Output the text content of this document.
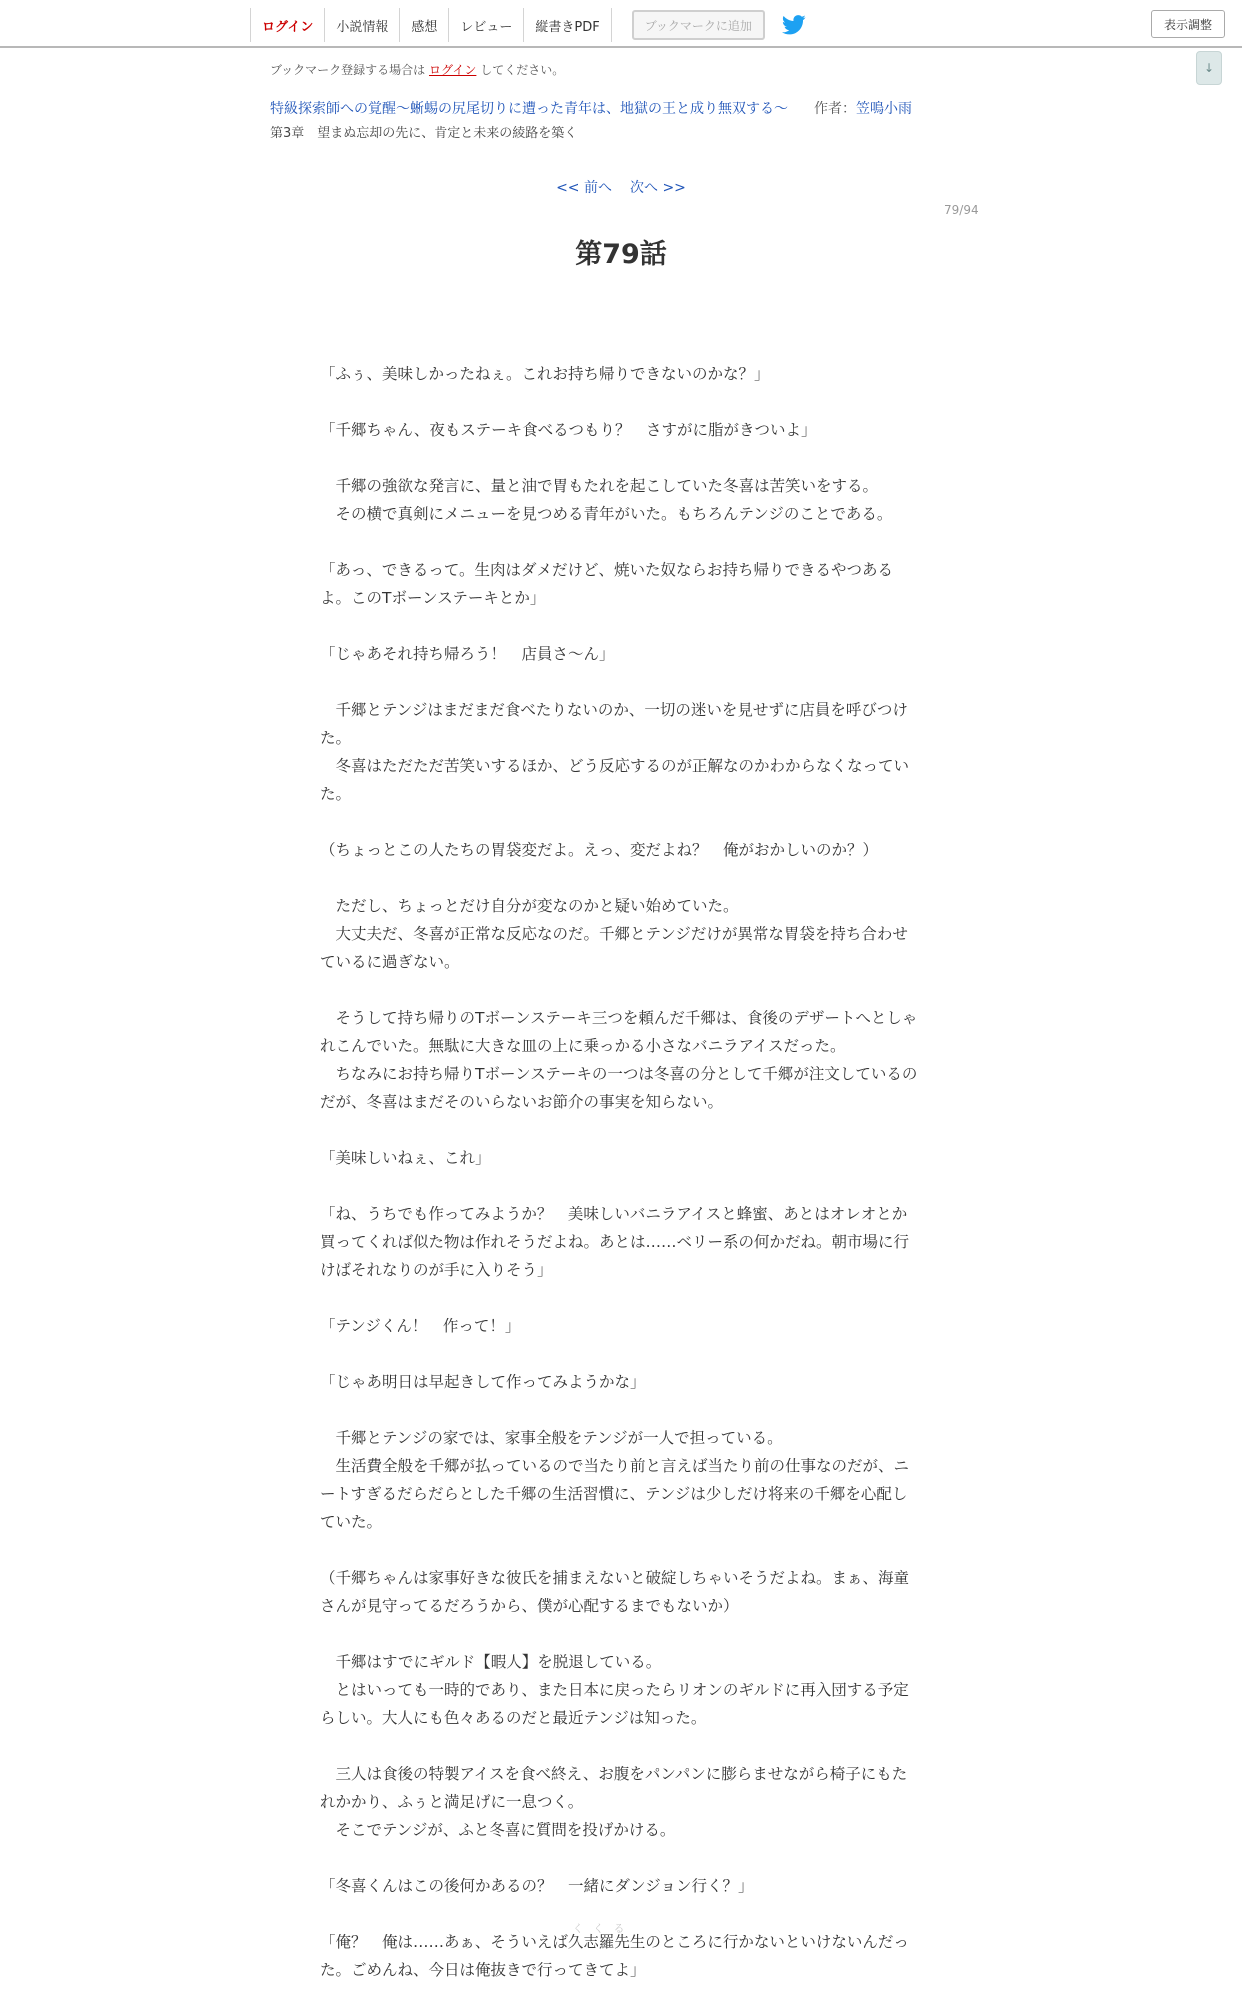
ログイン	小説情報	感想	レビュー	縦書きPDF	ブックマークに追加	表示調整
↓
ブックマーク登録する場合は ログイン してください。
特級探索師への覚醒～蜥蜴の尻尾切りに遭った青年は、地獄の王と成り無双する～ 作者：笠鳴小雨
第3章　望まぬ忘却の先に、肯定と未来の綾路を築く
<< 前へ 次へ >>
79/94
第79話

「ふぅ、美味しかったねぇ。これお持ち帰りできないのかな？」

「千郷ちゃん、夜もステーキ食べるつもり？　さすがに脂がきついよ」

　千郷の強欲な発言に、量と油で胃もたれを起こしていた冬喜は苦笑いをする。
　その横で真剣にメニューを見つめる青年がいた。もちろんテンジのことである。

「あっ、できるって。生肉はダメだけど、焼いた奴ならお持ち帰りできるやつあるよ。このTボーンステーキとか」

「じゃあそれ持ち帰ろう！　店員さ～ん」

　千郷とテンジはまだまだ食べたりないのか、一切の迷いを見せずに店員を呼びつけた。
　冬喜はただただ苦笑いするほか、どう反応するのが正解なのかわからなくなっていた。

（ちょっとこの人たちの胃袋変だよ。えっ、変だよね？　俺がおかしいのか？）

　ただし、ちょっとだけ自分が変なのかと疑い始めていた。
　大丈夫だ、冬喜が正常な反応なのだ。千郷とテンジだけが異常な胃袋を持ち合わせているに過ぎない。

　そうして持ち帰りのTボーンステーキ三つを頼んだ千郷は、食後のデザートへとしゃれこんでいた。無駄に大きな皿の上に乗っかる小さなバニラアイスだった。
　ちなみにお持ち帰りTボーンステーキの一つは冬喜の分として千郷が注文しているのだが、冬喜はまだそのいらないお節介の事実を知らない。

「美味しいねぇ、これ」

「ね、うちでも作ってみようか？　美味しいバニラアイスと蜂蜜、あとはオレオとか買ってくれば似た物は作れそうだよね。あとは……ベリー系の何かだね。朝市場に行けばそれなりのが手に入りそう」

「テンジくん！　作って！」

「じゃあ明日は早起きして作ってみようかな」

　千郷とテンジの家では、家事全般をテンジが一人で担っている。
　生活費全般を千郷が払っているので当たり前と言えば当たり前の仕事なのだが、ニートすぎるだらだらとした千郷の生活習慣に、テンジは少しだけ将来の千郷を心配していた。

（千郷ちゃんは家事好きな彼氏を捕まえないと破綻しちゃいそうだよね。まぁ、海童さんが見守ってるだろうから、僕が心配するまでもないか）

　千郷はすでにギルド【暇人】を脱退している。
　とはいっても一時的であり、また日本に戻ったらリオンのギルドに再入団する予定らしい。大人にも色々あるのだと最近テンジは知った。

　三人は食後の特製アイスを食べ終え、お腹をパンパンに膨らませながら椅子にもたれかかり、ふぅと満足げに一息つく。
　そこでテンジが、ふと冬喜に質問を投げかける。

「冬喜くんはこの後何かあるの？　一緒にダンジョン行く？」

「俺？　俺は……あぁ、そういえば久志羅先生のところに行かないといけないんだった。ごめんね、今日は俺抜きで行ってきてよ」

く く る
